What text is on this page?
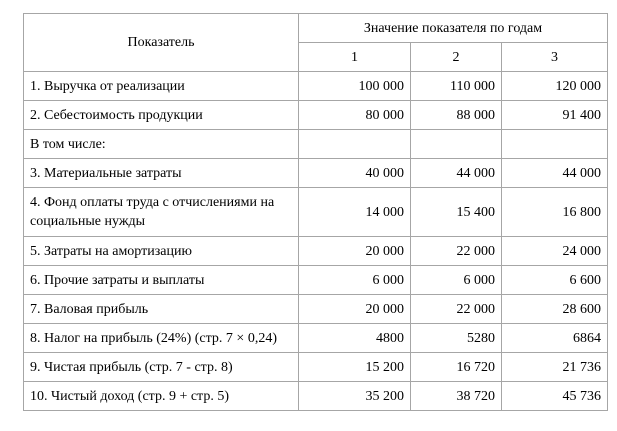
Показатель	Значение показателя по годам		
	1	2	3
1. Выручка от реализации	100 000	110 000	120 000
2. Себестоимость продукции	80 000	88 000	91 400
В том числе:			
3. Материальные затраты	40 000	44 000	44 000
4. Фонд оплаты труда с отчислениями на социальные нужды	14 000	15 400	16 800
5. Затраты на амортизацию	20 000	22 000	24 000
6. Прочие затраты и выплаты	6 000	6 000	6 600
7. Валовая прибыль	20 000	22 000	28 600
8. Налог на прибыль (24%) (стр. 7 × 0,24)	4800	5280	6864
9. Чистая прибыль (стр. 7 - стр. 8)	15 200	16 720	21 736
10. Чистый доход (стр. 9 + стр. 5)	35 200	38 720	45 736
